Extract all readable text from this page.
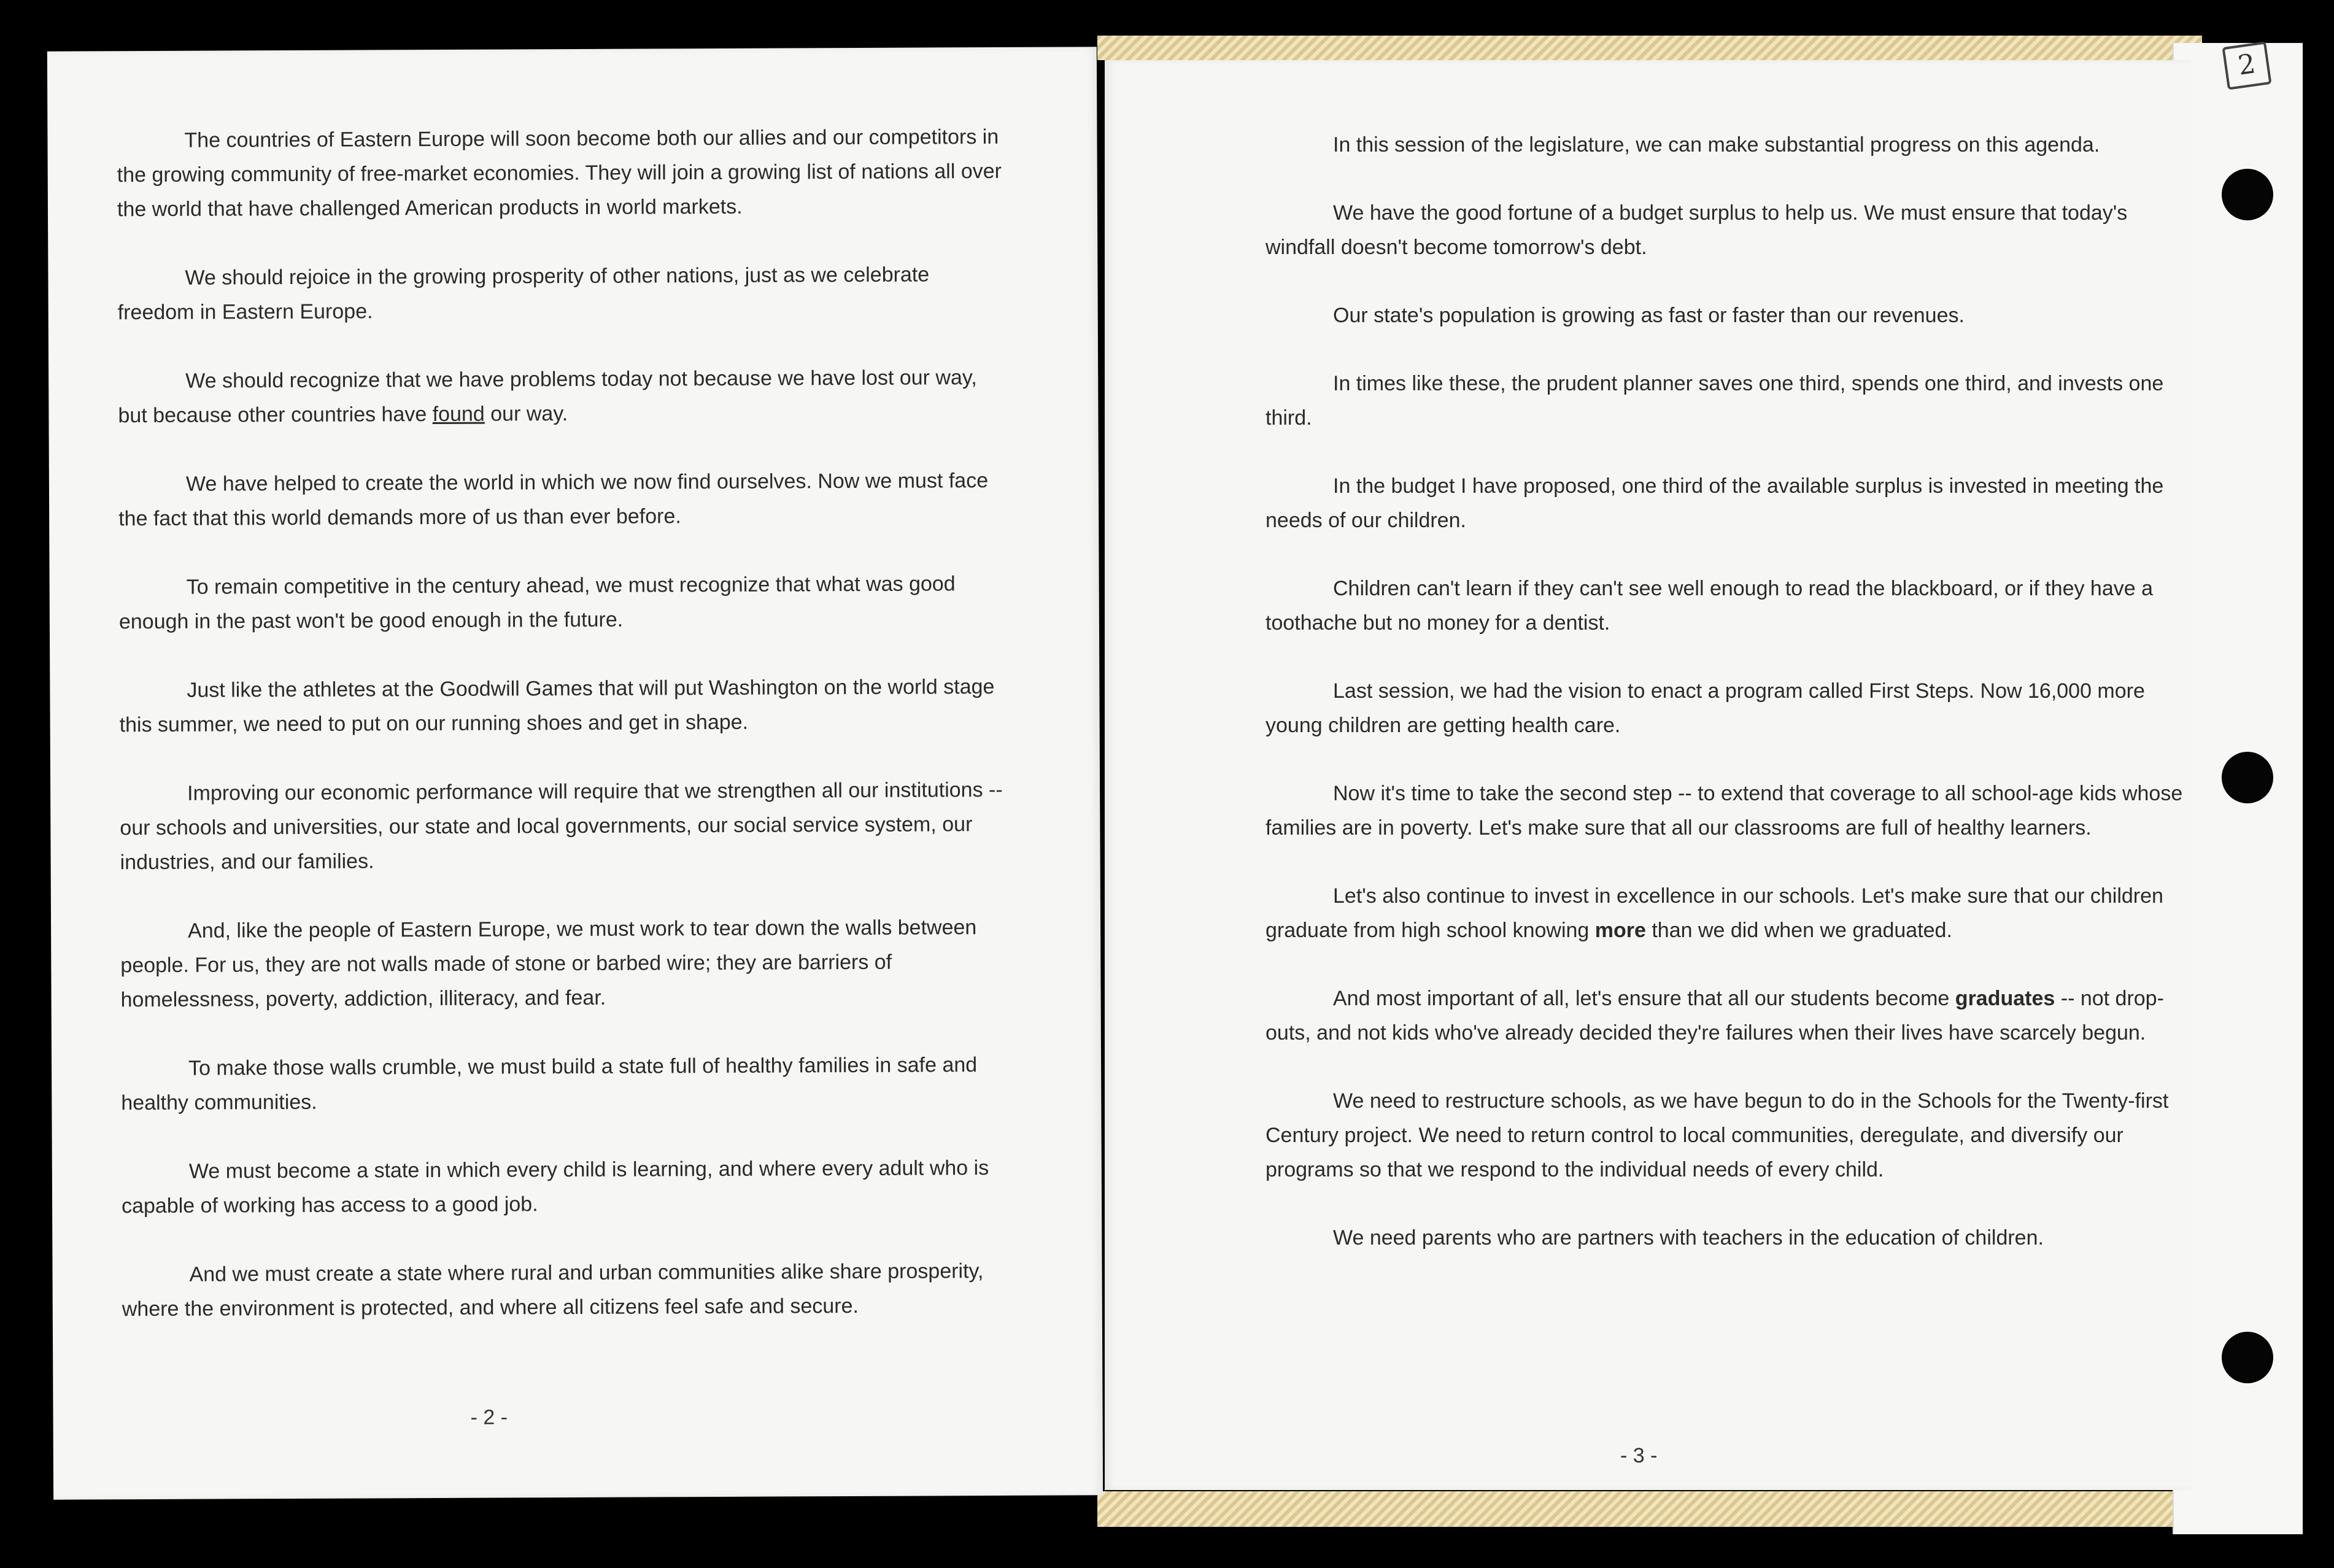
2

The countries of Eastern Europe will soon become both our allies and our competitors in the growing community of free-market economies. They will join a growing list of nations all over the world that have challenged American products in world markets.

We should rejoice in the growing prosperity of other nations, just as we celebrate freedom in Eastern Europe.

We should recognize that we have problems today not because we have lost our way, but because other countries have found our way.

We have helped to create the world in which we now find ourselves. Now we must face the fact that this world demands more of us than ever before.

To remain competitive in the century ahead, we must recognize that what was good enough in the past won't be good enough in the future.

Just like the athletes at the Goodwill Games that will put Washington on the world stage this summer, we need to put on our running shoes and get in shape.

Improving our economic performance will require that we strengthen all our institutions -- our schools and universities, our state and local governments, our social service system, our industries, and our families.

And, like the people of Eastern Europe, we must work to tear down the walls between people. For us, they are not walls made of stone or barbed wire; they are barriers of homelessness, poverty, addiction, illiteracy, and fear.

To make those walls crumble, we must build a state full of healthy families in safe and healthy communities.

We must become a state in which every child is learning, and where every adult who is capable of working has access to a good job.

And we must create a state where rural and urban communities alike share prosperity, where the environment is protected, and where all citizens feel safe and secure.

- 2 -

In this session of the legislature, we can make substantial progress on this agenda.

We have the good fortune of a budget surplus to help us. We must ensure that today's windfall doesn't become tomorrow's debt.

Our state's population is growing as fast or faster than our revenues.

In times like these, the prudent planner saves one third, spends one third, and invests one third.

In the budget I have proposed, one third of the available surplus is invested in meeting the needs of our children.

Children can't learn if they can't see well enough to read the blackboard, or if they have a toothache but no money for a dentist.

Last session, we had the vision to enact a program called First Steps. Now 16,000 more young children are getting health care.

Now it's time to take the second step -- to extend that coverage to all school-age kids whose families are in poverty. Let's make sure that all our classrooms are full of healthy learners.

Let's also continue to invest in excellence in our schools. Let's make sure that our children graduate from high school knowing more than we did when we graduated.

And most important of all, let's ensure that all our students become graduates -- not drop-outs, and not kids who've already decided they're failures when their lives have scarcely begun.

We need to restructure schools, as we have begun to do in the Schools for the Twenty-first Century project. We need to return control to local communities, deregulate, and diversify our programs so that we respond to the individual needs of every child.

We need parents who are partners with teachers in the education of children.

- 3 -
